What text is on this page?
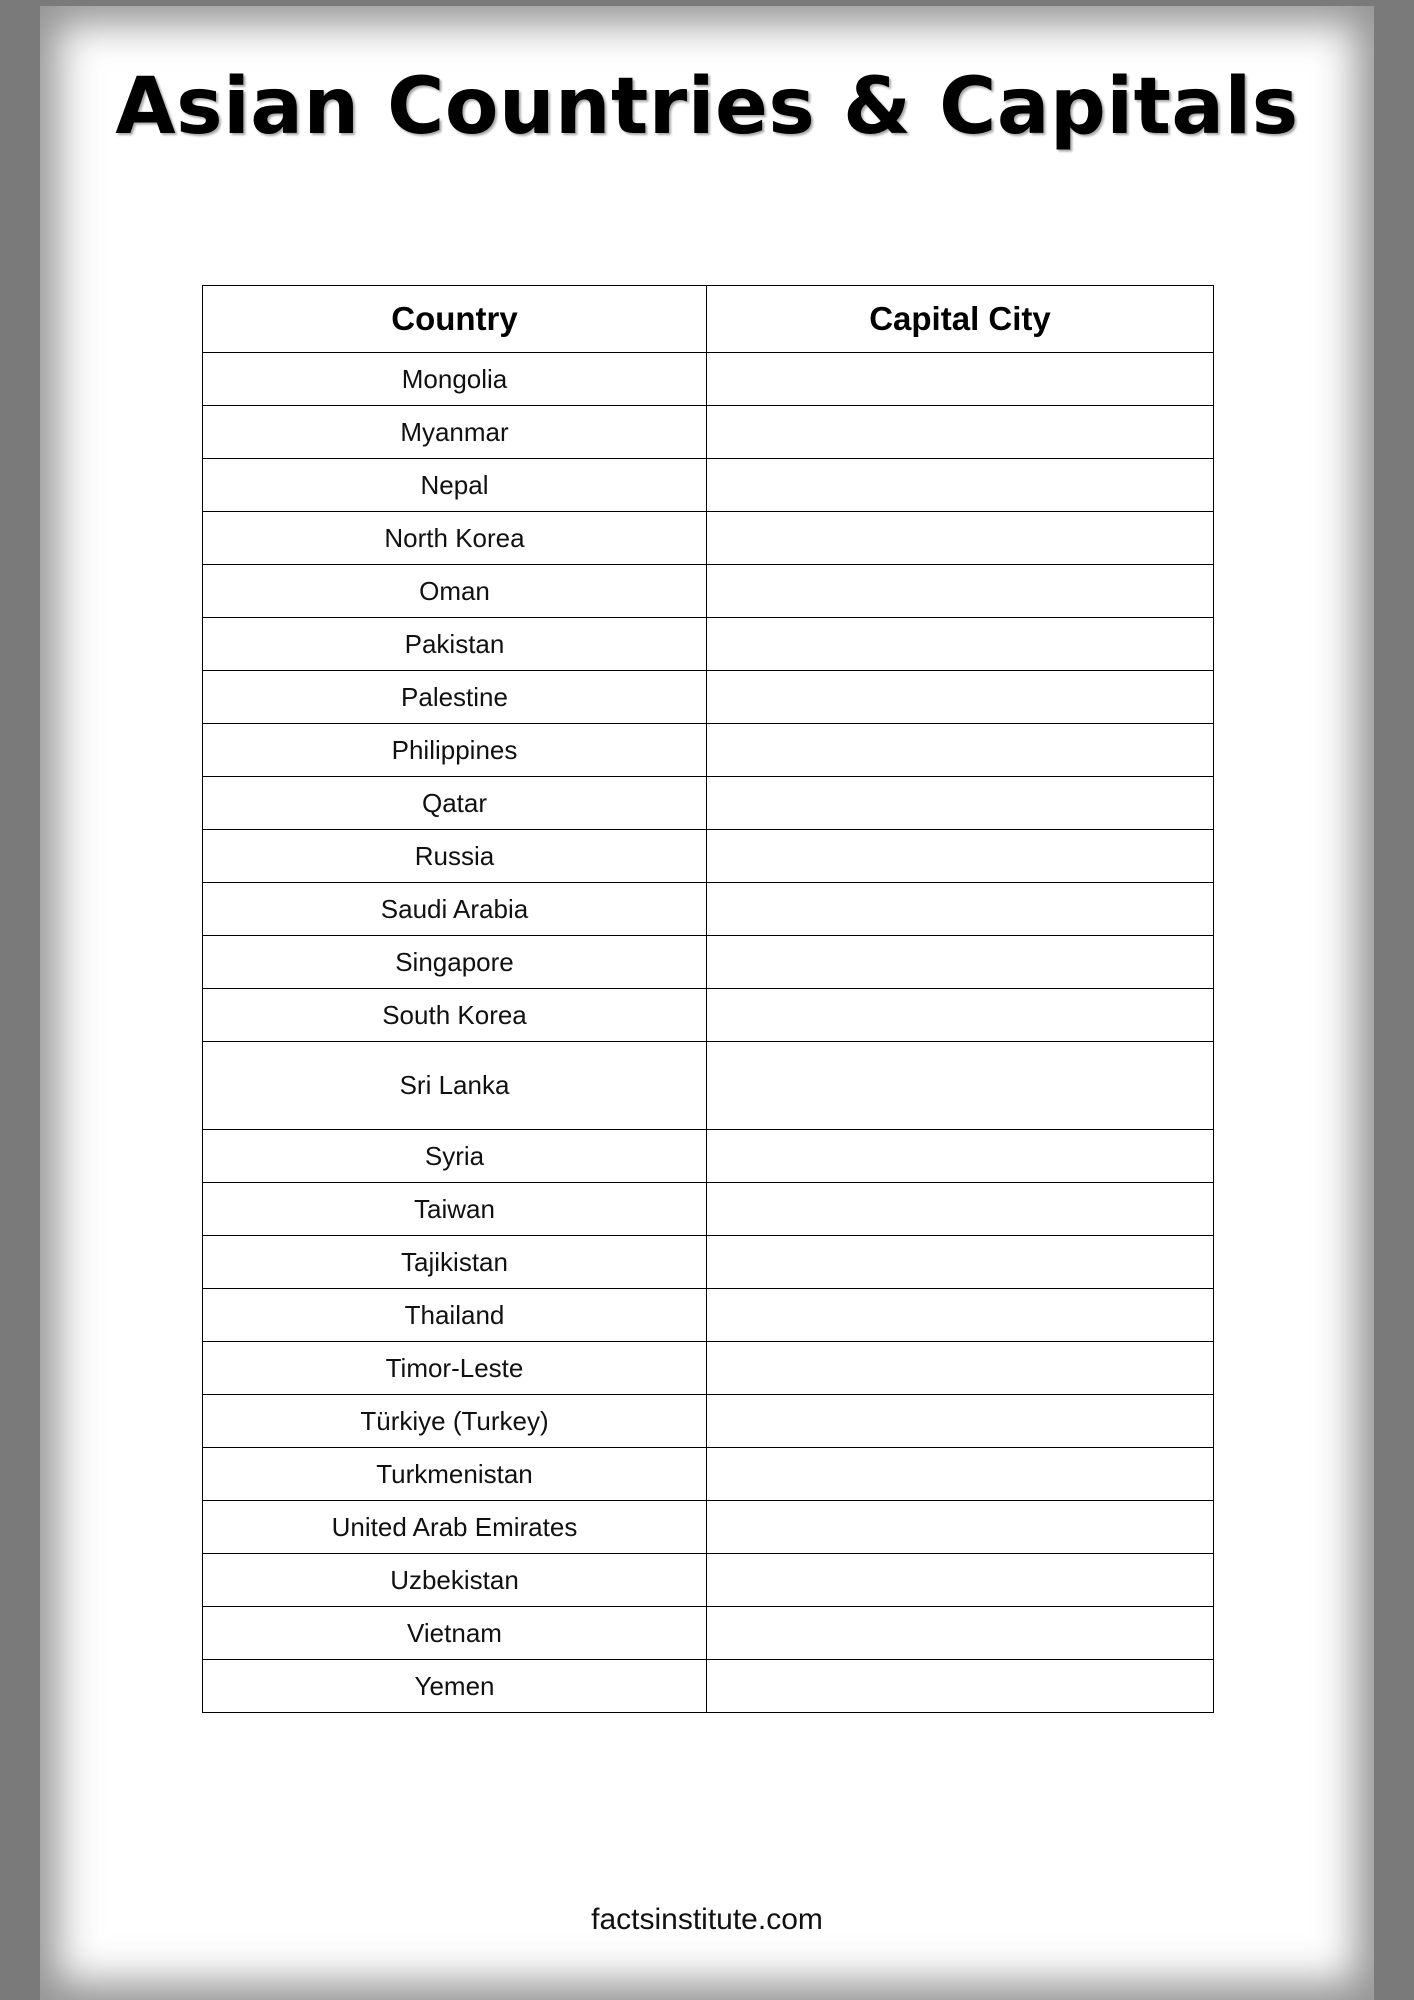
Asian Countries & Capitals
Country	Capital City
Mongolia	
Myanmar	
Nepal	
North Korea	
Oman	
Pakistan	
Palestine	
Philippines	
Qatar	
Russia	
Saudi Arabia	
Singapore	
South Korea	
Sri Lanka	
Syria	
Taiwan	
Tajikistan	
Thailand	
Timor-Leste	
Türkiye (Turkey)	
Turkmenistan	
United Arab Emirates	
Uzbekistan	
Vietnam	
Yemen	
factsinstitute.com
